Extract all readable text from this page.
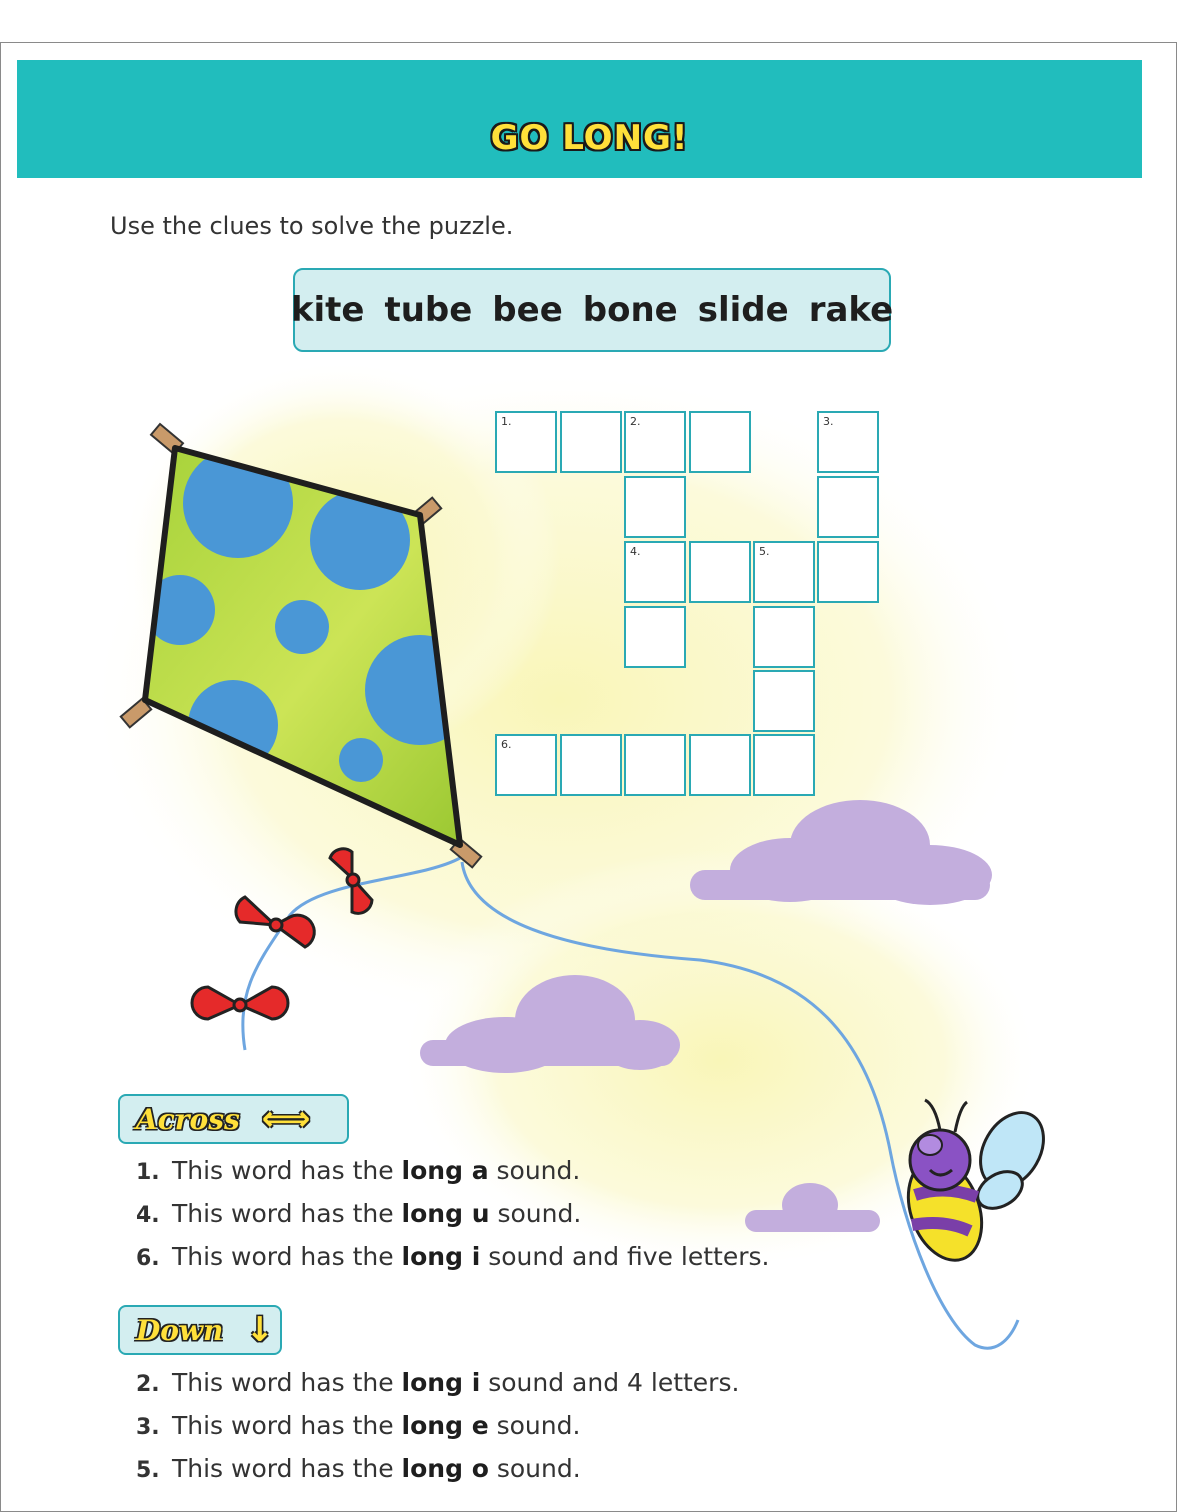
GO LONG!
Use the clues to solve the puzzle.
kite tube bee bone slide rake
1.	2.	3.
4.	5.
6.
Across ⟺
1. This word has the long a sound.
4. This word has the long u sound.
6. This word has the long i sound and five letters.
Down ↓
2. This word has the long i sound and 4 letters.
3. This word has the long e sound.
5. This word has the long o sound.
